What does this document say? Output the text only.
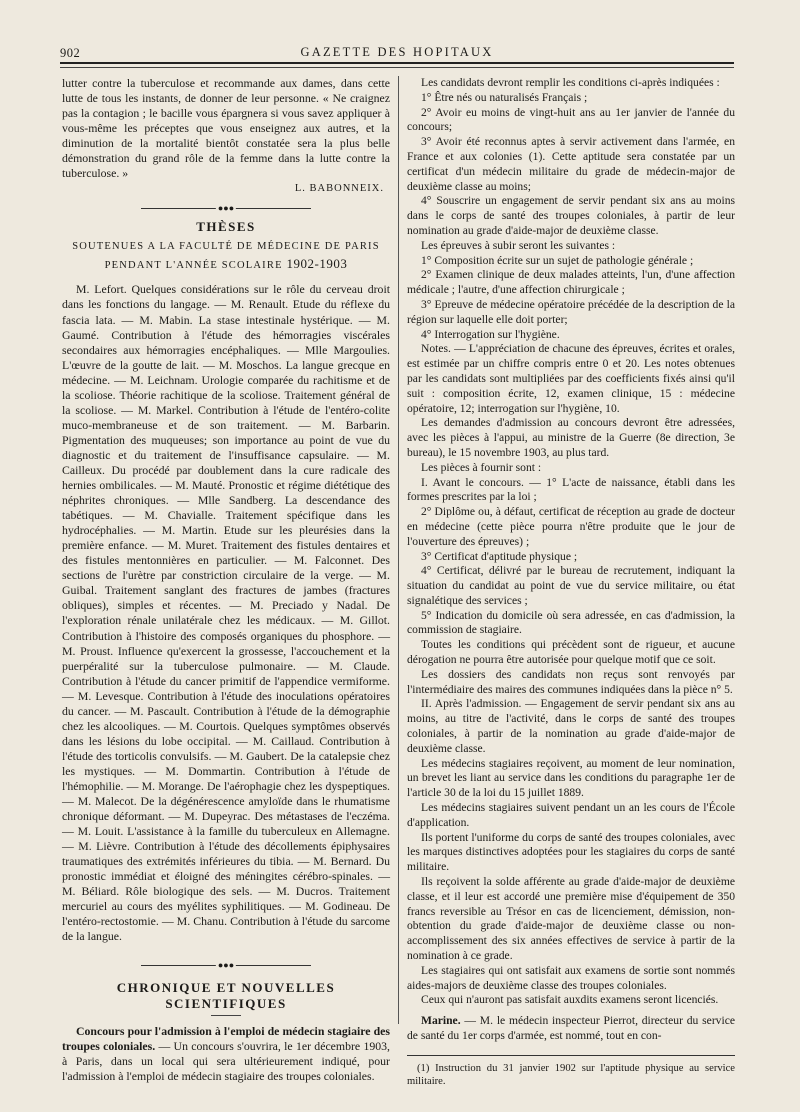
902	GAZETTE DES HOPITAUX

lutter contre la tuberculose et recommande aux dames, dans cette lutte de tous les instants, de donner de leur personne. « Ne craignez pas la contagion ; le bacille vous épargnera si vous savez appliquer à vous-même les préceptes que vous enseignez aux autres, et la diminution de la mortalité bientôt constatée sera la plus belle démonstration du grand rôle de la femme dans la lutte contre la tuberculose. »

L. BABONNEIX.
●●●
THÈSES
SOUTENUES A LA FACULTÉ DE MÉDECINE DE PARIS
PENDANT L'ANNÉE SCOLAIRE 1902-1903

M. Lefort. Quelques considérations sur le rôle du cerveau droit dans les fonctions du langage. — M. Renault. Etude du réflexe du fascia lata. — M. Mabin. La stase intestinale hystérique. — M. Gaumé. Contribution à l'étude des hémorragies viscérales secondaires aux hémorragies encéphaliques. — Mlle Margoulies. L'œuvre de la goutte de lait. — M. Moschos. La langue grecque en médecine. — M. Leichnam. Urologie comparée du rachitisme et de la scoliose. Théorie rachitique de la scoliose. Traitement général de la scoliose. — M. Markel. Contribution à l'étude de l'entéro-colite muco-membraneuse et de son traitement. — M. Barbarin. Pigmentation des muqueuses; son importance au point de vue du diagnostic et du traitement de l'insuffisance capsulaire. — M. Cailleux. Du procédé par doublement dans la cure radicale des hernies ombilicales. — M. Mauté. Pronostic et régime diététique des néphrites chroniques. — Mlle Sandberg. La descendance des tabétiques. — M. Chavialle. Traitement spécifique dans les hydrocéphalies. — M. Martin. Etude sur les pleurésies dans la première enfance. — M. Muret. Traitement des fistules dentaires et des fistules mentonnières en particulier. — M. Falconnet. Des sections de l'urètre par constriction circulaire de la verge. — M. Guibal. Traitement sanglant des fractures de jambes (fractures obliques), simples et récentes. — M. Preciado y Nadal. De l'exploration rénale unilatérale chez les médicaux. — M. Gillot. Contribution à l'histoire des composés organiques du phosphore. — M. Proust. Influence qu'exercent la grossesse, l'accouchement et la puerpéralité sur la tuberculose pulmonaire. — M. Claude. Contribution à l'étude du cancer primitif de l'appendice vermiforme. — M. Levesque. Contribution à l'étude des inoculations opératoires du cancer. — M. Pascault. Contribution à l'étude de la démographie chez les alcooliques. — M. Courtois. Quelques symptômes observés dans les lésions du lobe occipital. — M. Caillaud. Contribution à l'étude des torticolis convulsifs. — M. Gaubert. De la catalepsie chez les mystiques. — M. Dommartin. Contribution à l'étude de l'hémophilie. — M. Morange. De l'aérophagie chez les dyspeptiques. — M. Malecot. De la dégénérescence amyloïde dans le rhumatisme chronique déformant. — M. Dupeyrac. Des métastases de l'eczéma. — M. Louit. L'assistance à la famille du tuberculeux en Allemagne. — M. Lièvre. Contribution à l'étude des décollements épiphysaires traumatiques des extrémités inférieures du tibia. — M. Bernard. Du pronostic immédiat et éloigné des méningites cérébro-spinales. — M. Béliard. Rôle biologique des sels. — M. Ducros. Traitement mercuriel au cours des myélites syphilitiques. — M. Godineau. De l'entéro-rectostomie. — M. Chanu. Contribution à l'étude du sarcome de la langue.

●●●
CHRONIQUE ET NOUVELLES SCIENTIFIQUES

Concours pour l'admission à l'emploi de médecin stagiaire des troupes coloniales. — Un concours s'ouvrira, le 1er décembre 1903, à Paris, dans un local qui sera ultérieurement indiqué, pour l'admission à l'emploi de médecin stagiaire des troupes coloniales.

Les candidats devront remplir les conditions ci-après indiquées :

1° Être nés ou naturalisés Français ;

2° Avoir eu moins de vingt-huit ans au 1er janvier de l'année du concours;

3° Avoir été reconnus aptes à servir activement dans l'armée, en France et aux colonies (1). Cette aptitude sera constatée par un certificat d'un médecin militaire du grade de médecin-major de deuxième classe au moins;

4° Souscrire un engagement de servir pendant six ans au moins dans le corps de santé des troupes coloniales, à partir de leur nomination au grade d'aide-major de deuxième classe.

Les épreuves à subir seront les suivantes :

1° Composition écrite sur un sujet de pathologie générale ;

2° Examen clinique de deux malades atteints, l'un, d'une affection médicale ; l'autre, d'une affection chirurgicale ;

3° Epreuve de médecine opératoire précédée de la description de la région sur laquelle elle doit porter;

4° Interrogation sur l'hygiène.

Notes. — L'appréciation de chacune des épreuves, écrites et orales, est estimée par un chiffre compris entre 0 et 20. Les notes obtenues par les candidats sont multipliées par des coefficients fixés ainsi qu'il suit : composition écrite, 12, examen clinique, 15 : médecine opératoire, 12; interrogation sur l'hygiène, 10.

Les demandes d'admission au concours devront être adressées, avec les pièces à l'appui, au ministre de la Guerre (8e direction, 3e bureau), le 15 novembre 1903, au plus tard.

Les pièces à fournir sont :

I. Avant le concours. — 1° L'acte de naissance, établi dans les formes prescrites par la loi ;

2° Diplôme ou, à défaut, certificat de réception au grade de docteur en médecine (cette pièce pourra n'être produite que le jour de l'ouverture des épreuves) ;

3° Certificat d'aptitude physique ;

4° Certificat, délivré par le bureau de recrutement, indiquant la situation du candidat au point de vue du service militaire, ou état signalétique des services ;

5° Indication du domicile où sera adressée, en cas d'admission, la commission de stagiaire.

Toutes les conditions qui précèdent sont de rigueur, et aucune dérogation ne pourra être autorisée pour quelque motif que ce soit.

Les dossiers des candidats non reçus sont renvoyés par l'intermédiaire des maires des communes indiquées dans la pièce n° 5.

II. Après l'admission. — Engagement de servir pendant six ans au moins, au titre de l'activité, dans le corps de santé des troupes coloniales, à partir de la nomination au grade d'aide-major de deuxième classe.

Les médecins stagiaires reçoivent, au moment de leur nomination, un brevet les liant au service dans les conditions du paragraphe 1er de l'article 30 de la loi du 15 juillet 1889.

Les médecins stagiaires suivent pendant un an les cours de l'École d'application.

Ils portent l'uniforme du corps de santé des troupes coloniales, avec les marques distinctives adoptées pour les stagiaires du corps de santé militaire.

Ils reçoivent la solde afférente au grade d'aide-major de deuxième classe, et il leur est accordé une première mise d'équipement de 350 francs reversible au Trésor en cas de licenciement, démission, non-obtention du grade d'aide-major de deuxième classe ou non-accomplissement des six années effectives de service à partir de la nomination à ce grade.

Les stagiaires qui ont satisfait aux examens de sortie sont nommés aides-majors de deuxième classe des troupes coloniales.

Ceux qui n'auront pas satisfait auxdits examens seront licenciés.

Marine. — M. le médecin inspecteur Pierrot, directeur du service de santé du 1er corps d'armée, est nommé, tout en con-

(1) Instruction du 31 janvier 1902 sur l'aptitude physique au service militaire.
